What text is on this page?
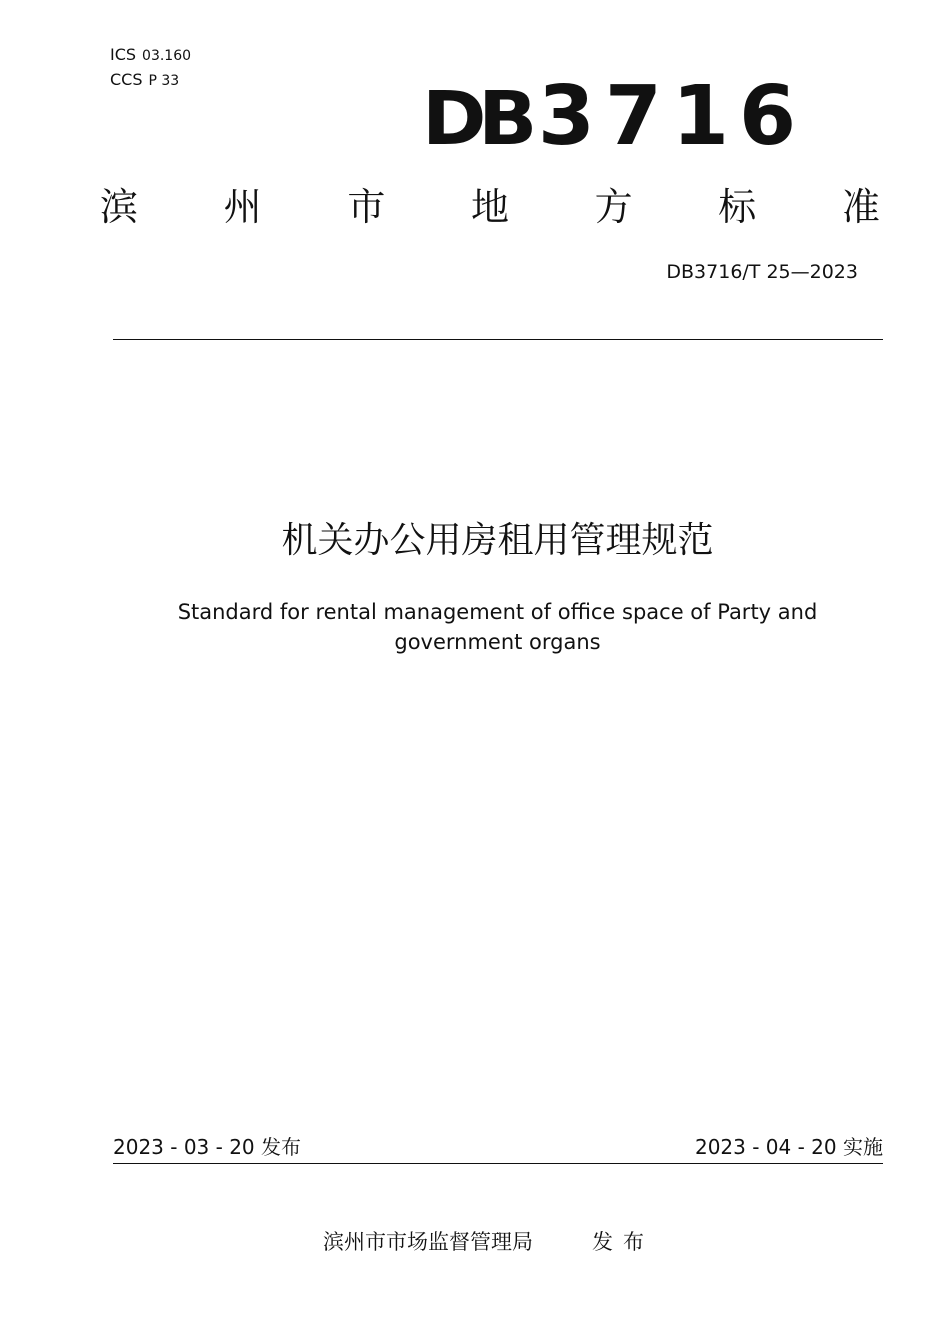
ICS 03.160
CCS P 33	DB 3716
滨 州 市 地 方 标 准
DB3716/T 25—2023
机关办公用房租用管理规范
Standard for rental management of office space of Party and government organs
2023 - 03 - 20 发布	2023 - 04 - 20 实施
滨州市市场监督管理局	发布
